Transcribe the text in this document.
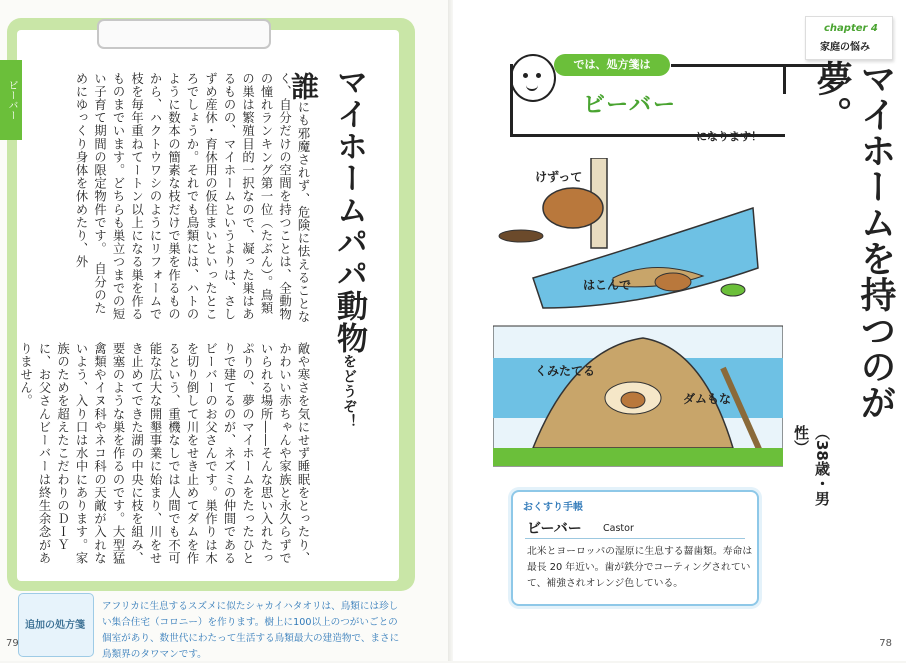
ビーバー	マイホームパパ動物をどうぞ！
誰にも邪魔されず、危険に怯えることなく、自分だけの空間を持つことは、全動物の憧れランキング第一位（たぶん）。鳥類の巣は繁殖目的一択なので、凝った巣はあるものの、マイホームというよりは、さしずめ産休・育休用の仮住まいといったところでしょうか。それでも鳥類には、ハトのように数本の簡素な枝だけで巣を作るものから、ハクトウワシのようにリフォームで枝を毎年重ねてートン以上になる巣を作るものまでいます。どちらも巣立つまでの短い子育て期間の限定物件です。　自分のためにゆっくり身体を休めたり、外
敵や寒さを気にせず睡眠をとったり、かわいい赤ちゃんや家族と永久らずでいられる場所――そんな思い入れたっぷりの、夢のマイホームをたったひとりで建てるのが、ネズミの仲間であるビーバーのお父さんです。巣作りは木を切り倒して川をせき止めてダムを作るという、重機なしでは人間でも不可能な広大な開墾事業に始まり、川をせき止めてできた湖の中央に枝を組み、要塞のような巣を作るのです。大型猛禽類やイヌ科やネコ科の天敵が入れないよう、入り口は水中にあります。家族のためを超えたこだわりのＤＩＹに、お父さんビーバーは終生余念がありません。
追加の処方箋
アフリカに生息するスズメに似たシャカイハタオリは、鳥類には珍しい集合住宅（コロニー）を作ります。樹上に100以上のつがいごとの個室があり、数世代にわたって生活する鳥類最大の建造物で、まさに鳥類界のタワマンです。
79
chapter 4
家庭の悩み
マイホームを持つのが夢。
（38歳・男性）
では、処方箋は
ビーバー
になります！
けずって
はこんで
くみたてる
ダムもな
おくすり手帳
ビーバー Castor
北米とヨーロッパの湿原に生息する齧歯類。寿命は最長 20 年近い。歯が鉄分でコーティングされていて、補強されオレンジ色している。
78
